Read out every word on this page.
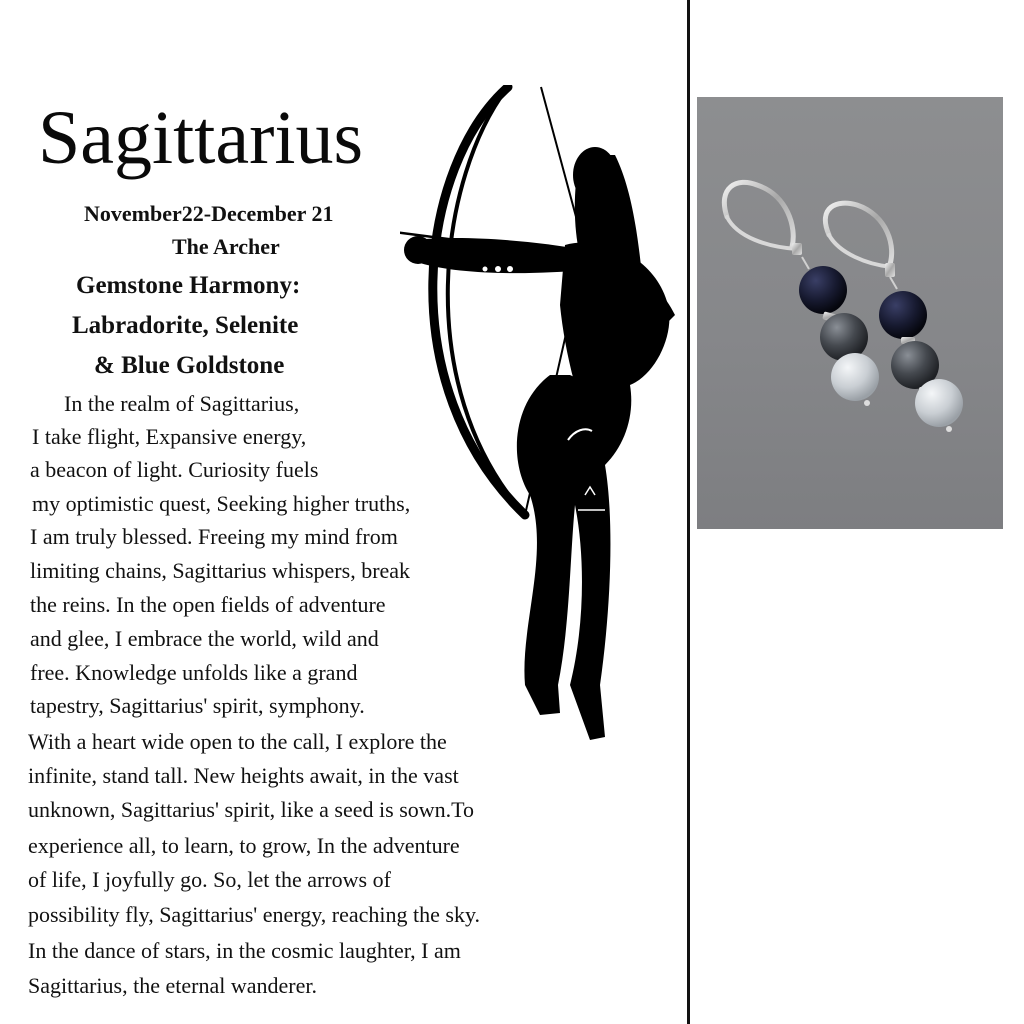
Sagittarius
November22-December 21
The Archer
Gemstone Harmony:
Labradorite, Selenite
& Blue Goldstone
In the realm of Sagittarius,
I take flight, Expansive energy,
a beacon of light. Curiosity fuels
my optimistic quest, Seeking higher truths,
I am truly blessed. Freeing my mind from
limiting chains, Sagittarius whispers, break
the reins. In the open fields of adventure
and glee, I embrace the world, wild and
free. Knowledge unfolds like a grand
tapestry, Sagittarius' spirit, symphony.
With a heart wide open to the call, I explore the
infinite, stand tall. New heights await, in the vast
unknown, Sagittarius' spirit, like a seed is sown.To
experience all, to learn, to grow, In the adventure
of life, I joyfully go. So, let the arrows of
possibility fly, Sagittarius' energy, reaching the sky.
In the dance of stars, in the cosmic laughter, I am
Sagittarius, the eternal wanderer.
